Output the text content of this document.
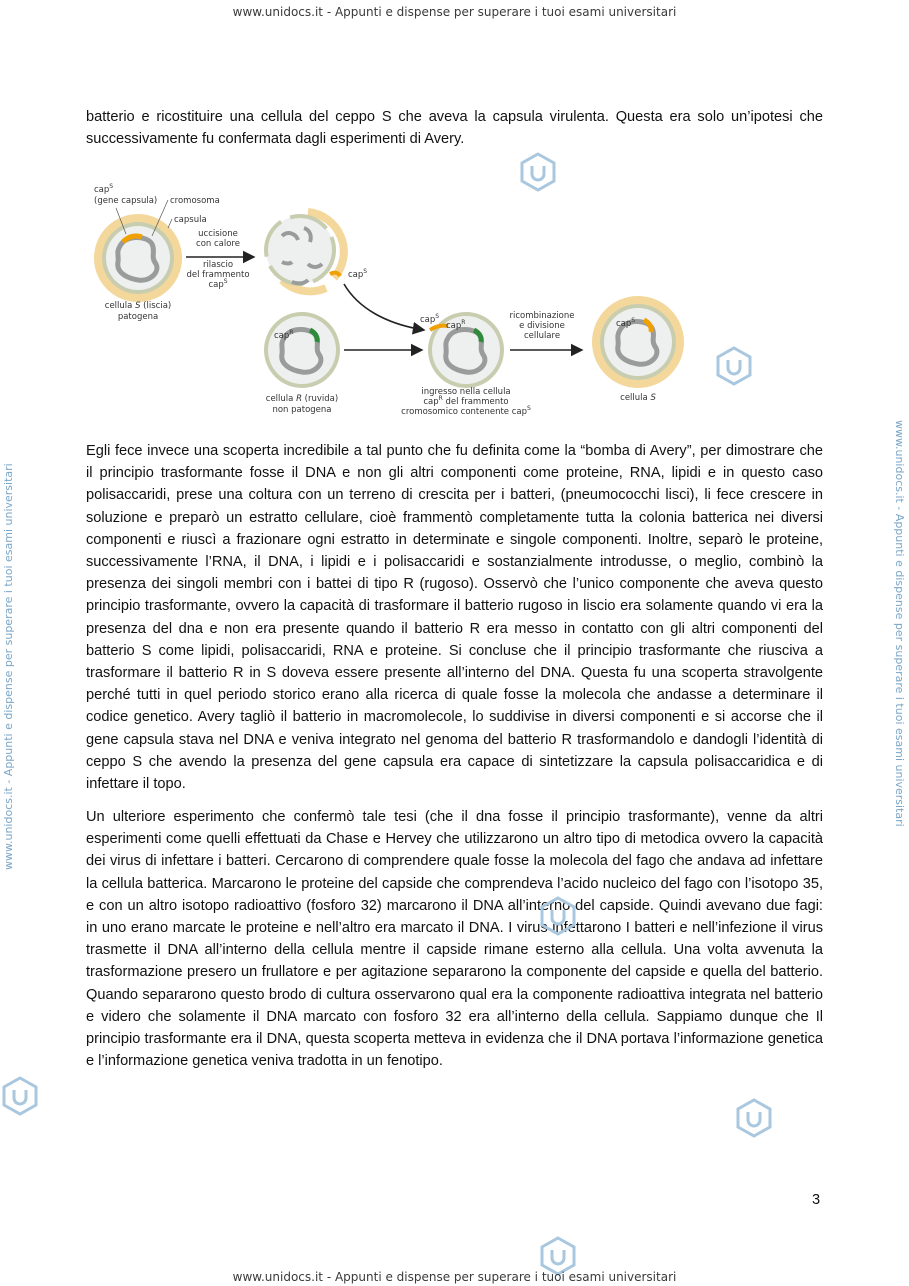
www.unidocs.it - Appunti e dispense per superare i tuoi esami universitari
www.unidocs.it - Appunti e dispense per superare i tuoi esami universitari	www.unidocs.it - Appunti e dispense per superare i tuoi esami universitari

batterio e ricostituire una cellula del ceppo S che aveva la capsula virulenta. Questa era solo un’ipotesi che successivamente fu confermata dagli esperimenti di Avery.

cap$^S$
(gene capsula) cromosoma
capsula
cellula S (liscia)
patogena
uccisione
con calore
rilascio
del frammento
cap$^S$
cap$^S$
cap$^R$
cellula R (ruvida)
non patogena
cap$^S$
cap$^R$
ingresso nella cellula
cap$^R$ del frammento
cromosomico contenente cap$^S$
ricombinazione
e divisione
cellulare
cap$^S$
cellula S

Egli fece invece una scoperta incredibile a tal punto che fu definita come la “bomba di Avery”, per dimostrare che il principio trasformante fosse il DNA e non gli altri componenti come proteine, RNA, lipidi e in questo caso polisaccaridi, prese una coltura con un terreno di crescita per i batteri, (pneumococchi lisci), li fece crescere in soluzione e preparò un estratto cellulare, cioè frammentò completamente tutta la colonia batterica nei diversi componenti e riuscì a frazionare ogni estratto in determinate e singole componenti. Inoltre, separò le proteine, successivamente l’RNA, il DNA, i lipidi e i polisaccaridi e sostanzialmente introdusse, o meglio, combinò la presenza dei singoli membri con i battei di tipo R (rugoso). Osservò che l’unico componente che aveva questo principio trasformante, ovvero la capacità di trasformare il batterio rugoso in liscio era solamente quando vi era la presenza del dna e non era presente quando il batterio R era messo in contatto con gli altri componenti del batterio S come lipidi, polisaccaridi, RNA e proteine. Si concluse che il principio trasformante che riusciva a trasformare il batterio R in S doveva essere presente all’interno del DNA. Questa fu una scoperta stravolgente perché tutti in quel periodo storico erano alla ricerca di quale fosse la molecola che andasse a determinare il codice genetico. Avery tagliò il batterio in macromolecole, lo suddivise in diversi componenti e si accorse che il gene capsula stava nel DNA e veniva integrato nel genoma del batterio R trasformandolo e dandogli l’identità di ceppo S che avendo la presenza del gene capsula era capace di sintetizzare la capsula polisaccaridica e di infettare il topo.

Un ulteriore esperimento che confermò tale tesi (che il dna fosse il principio trasformante), venne da altri esperimenti come quelli effettuati da Chase e Hervey che utilizzarono un altro tipo di metodica ovvero la capacità dei virus di infettare i batteri. Cercarono di comprendere quale fosse la molecola del fago che andava ad infettare la cellula batterica. Marcarono le proteine del capside che comprendeva l’acido nucleico del fago con l’isotopo 35, e con un altro isotopo radioattivo (fosforo 32) marcarono il DNA all’interno del capside. Quindi avevano due fagi: in uno erano marcate le proteine e nell’altro era marcato il DNA. I virus infettarono I batteri e nell’infezione il virus trasmette il DNA all’interno della cellula mentre il capside rimane esterno alla cellula. Una volta avvenuta la trasformazione presero un frullatore e per agitazione separarono la componente del capside e quella del batterio. Quando separarono questo brodo di cultura osservarono qual era la componente radioattiva integrata nel batterio e videro che solamente il DNA marcato con fosforo 32 era all’interno della cellula. Sappiamo dunque che Il principio trasformante era il DNA, questa scoperta metteva in evidenza che il DNA portava l’informazione genetica e l’informazione genetica veniva tradotta in un fenotipo.

3
www.unidocs.it - Appunti e dispense per superare i tuoi esami universitari
